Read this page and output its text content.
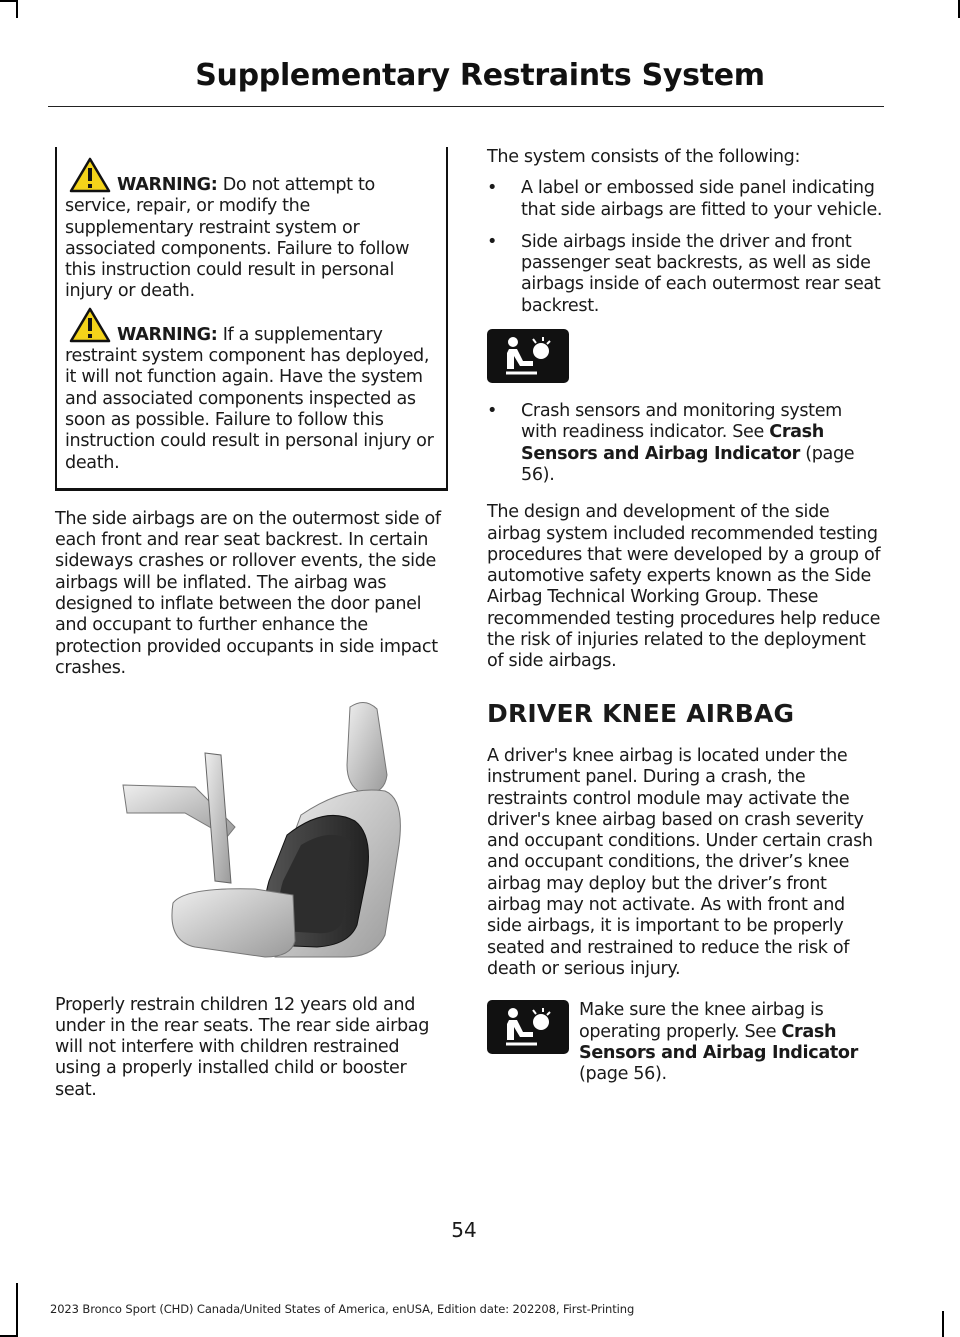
Supplementary Restraints System

WARNING: Do not attempt to service, repair, or modify the supplementary restraint system or associated components. Failure to follow this instruction could result in personal injury or death.

WARNING: If a supplementary restraint system component has deployed, it will not function again. Have the system and associated components inspected as soon as possible. Failure to follow this instruction could result in personal injury or death.

The side airbags are on the outermost side of each front and rear seat backrest. In certain sideways crashes or rollover events, the side airbags will be inflated. The airbag was designed to inflate between the door panel and occupant to further enhance the protection provided occupants in side impact crashes.

Properly restrain children 12 years old and under in the rear seats. The rear side airbag will not interfere with children restrained using a properly installed child or booster seat.

The system consists of the following:

• A label or embossed side panel indicating that side airbags are fitted to your vehicle.
• Side airbags inside the driver and front passenger seat backrests, as well as side airbags inside of each outermost rear seat backrest.
• Crash sensors and monitoring system with readiness indicator. See Crash Sensors and Airbag Indicator (page 56).

The design and development of the side airbag system included recommended testing procedures that were developed by a group of automotive safety experts known as the Side Airbag Technical Working Group. These recommended testing procedures help reduce the risk of injuries related to the deployment of side airbags.

DRIVER KNEE AIRBAG

A driver's knee airbag is located under the instrument panel. During a crash, the restraints control module may activate the driver's knee airbag based on crash severity and occupant conditions. Under certain crash and occupant conditions, the driver’s knee airbag may deploy but the driver’s front airbag may not activate. As with front and side airbags, it is important to be properly seated and restrained to reduce the risk of death or serious injury.

Make sure the knee airbag is operating properly. See Crash Sensors and Airbag Indicator (page 56).

54
2023 Bronco Sport (CHD) Canada/United States of America, enUSA, Edition date: 202208, First-Printing
